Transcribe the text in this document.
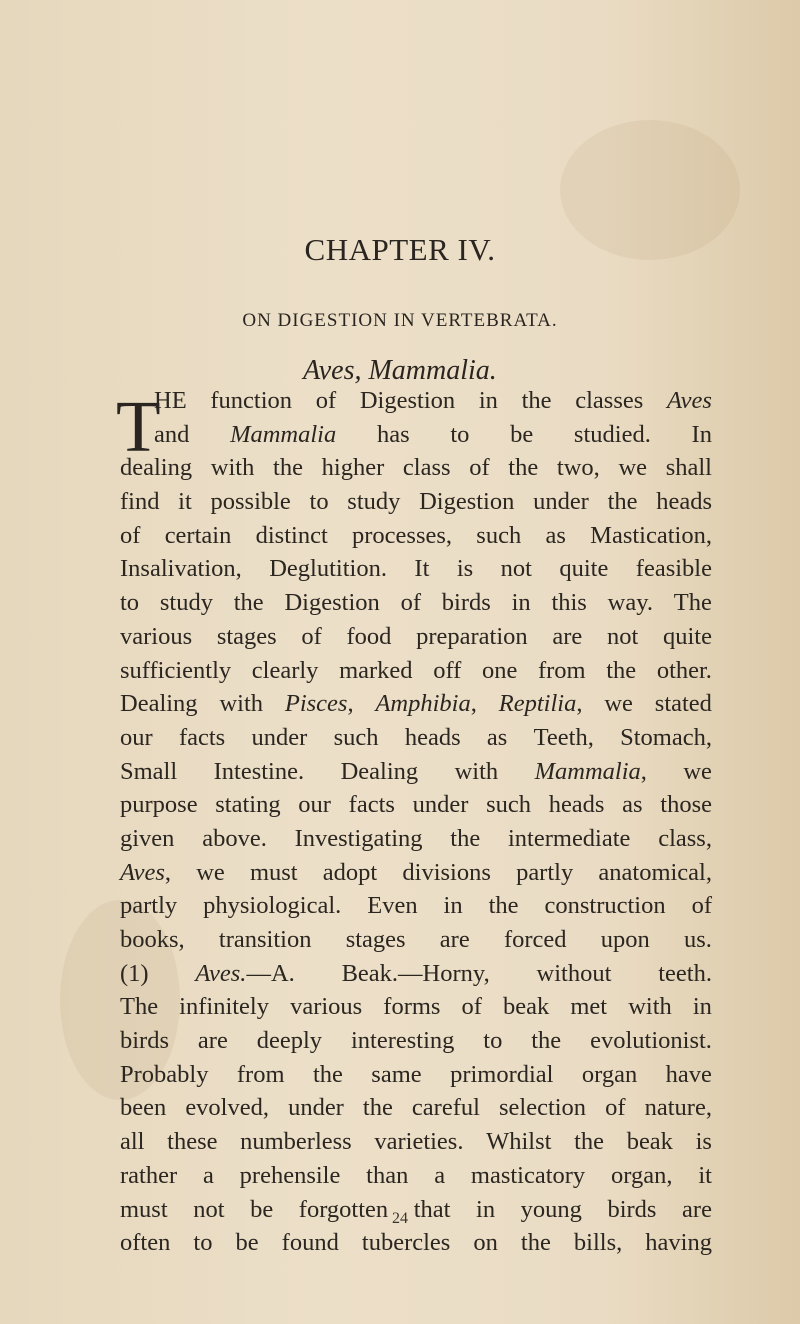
CHAPTER IV.
ON DIGESTION IN VERTEBRATA.
Aves, Mammalia.
T
HE function of Digestion in the classes Aves
and Mammalia has to be studied. In
dealing with the higher class of the two, we shall
find it possible to study Digestion under the heads
of certain distinct processes, such as Mastication,
Insalivation, Deglutition. It is not quite feasible
to study the Digestion of birds in this way. The
various stages of food preparation are not quite
sufficiently clearly marked off one from the other.
Dealing with Pisces, Amphibia, Reptilia, we stated
our facts under such heads as Teeth, Stomach,
Small Intestine. Dealing with Mammalia, we
purpose stating our facts under such heads as those
given above. Investigating the intermediate class,
Aves, we must adopt divisions partly anatomical,
partly physiological. Even in the construction of
books, transition stages are forced upon us.
(1) Aves.—A. Beak.—Horny, without teeth.
The infinitely various forms of beak met with in
birds are deeply interesting to the evolutionist.
Probably from the same primordial organ have
been evolved, under the careful selection of nature,
all these numberless varieties. Whilst the beak is
rather a prehensile than a masticatory organ, it
must not be forgotten that in young birds are
often to be found tubercles on the bills, having
24
